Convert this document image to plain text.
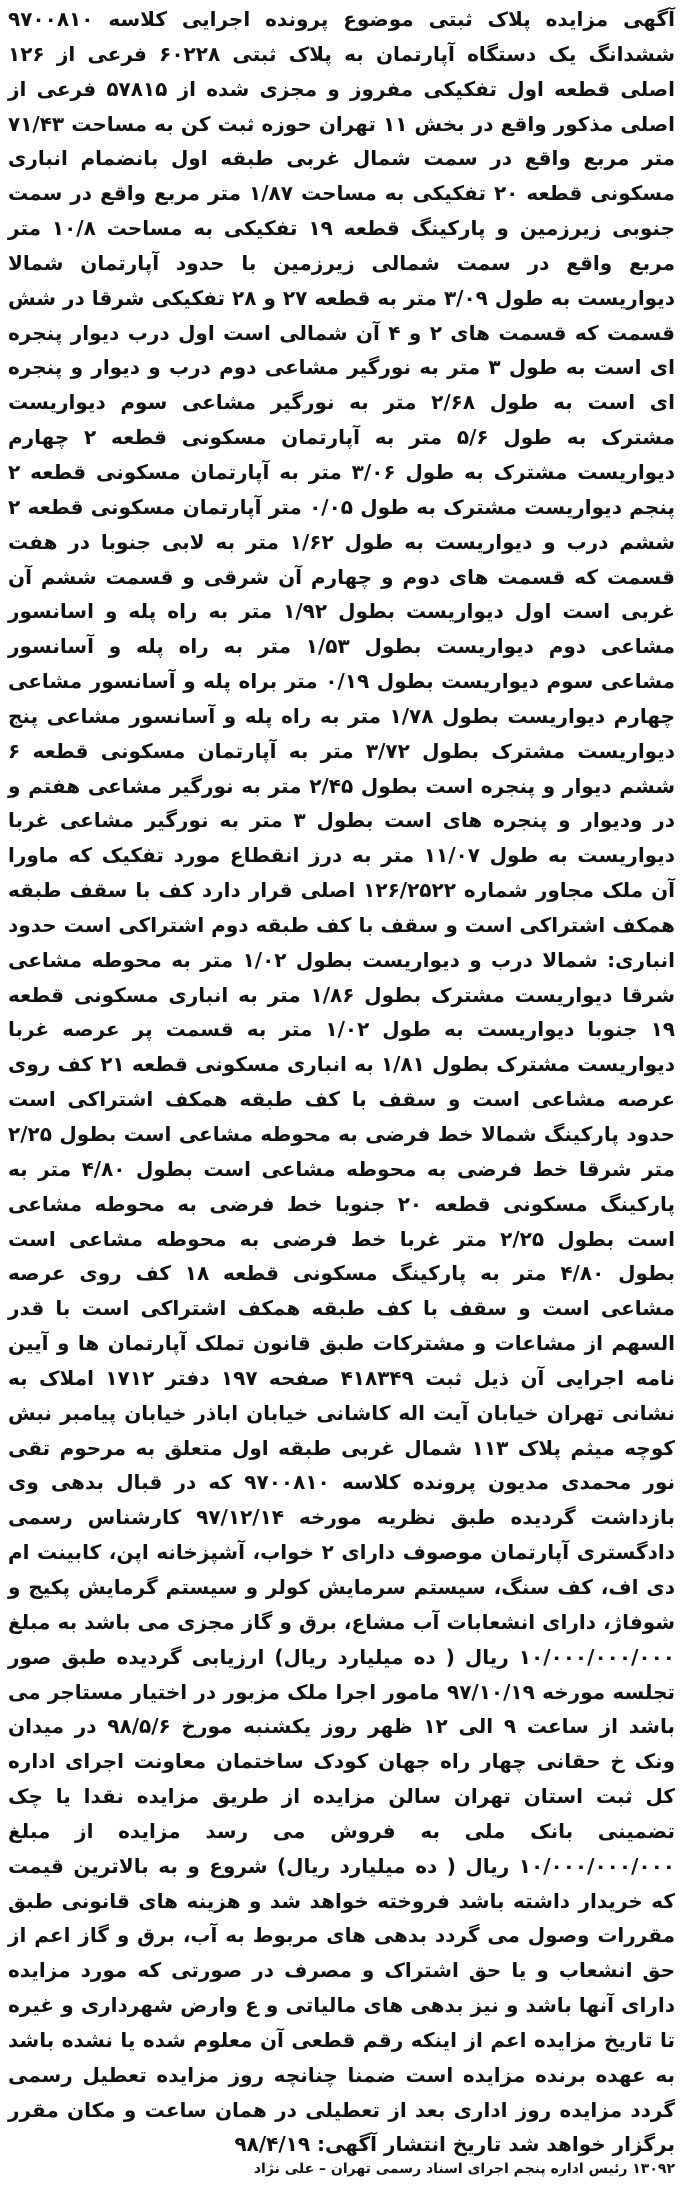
آگهی مزایده پلاک ثبتی موضوع پرونده اجرایی کلاسه ۹۷۰۰۸۱۰ ششدانگ یک دستگاه آپارتمان به پلاک ثبتی ۶۰۲۲۸ فرعی از ۱۲۶ اصلی قطعه اول تفکیکی مفروز و مجزی شده از ۵۷۸۱۵ فرعی از اصلی مذکور واقع در بخش ۱۱ تهران حوزه ثبت کن به مساحت ۷۱/۴۳ متر مربع واقع در سمت شمال غربی طبقه اول بانضمام انباری مسکونی قطعه ۲۰ تفکیکی به مساحت ۱/۸۷ متر مربع واقع در سمت جنوبی زیرزمین و پارکینگ قطعه ۱۹ تفکیکی به مساحت ۱۰/۸ متر مربع واقع در سمت شمالی زیرزمین با حدود آپارتمان شمالا دیواریست به طول ۳/۰۹ متر به قطعه ۲۷ و ۲۸ تفکیکی شرقا در شش قسمت که قسمت های ۲ و ۴ آن شمالی است اول درب دیوار پنجره ای است به طول ۳ متر به نورگیر مشاعی دوم درب و دیوار و پنجره ای است به طول ۲/۶۸ متر به نورگیر مشاعی سوم دیواریست مشترک به طول ۵/۶ متر به آپارتمان مسکونی قطعه ۲ چهارم دیواریست مشترک به طول ۳/۰۶ متر به آپارتمان مسکونی قطعه ۲ پنجم دیواریست مشترک به طول ۰/۰۵ متر آپارتمان مسکونی قطعه ۲ ششم درب و دیواریست به طول ۱/۶۲ متر به لابی جنوبا در هفت قسمت که قسمت های دوم و چهارم آن شرقی و قسمت ششم آن غربی است اول دیواریست بطول ۱/۹۲ متر به راه پله و اسانسور مشاعی دوم دیواریست بطول ۱/۵۳ متر به راه پله و آسانسور مشاعی سوم دیواریست بطول ۰/۱۹ متر براه پله و آسانسور مشاعی چهارم دیواریست بطول ۱/۷۸ متر به راه پله و آسانسور مشاعی پنج دیواریست مشترک بطول ۳/۷۲ متر به آپارتمان مسکونی قطعه ۶ ششم دیوار و پنجره است بطول ۲/۴۵ متر به نورگیر مشاعی هفتم و در ودیوار و پنجره های است بطول ۳ متر به نورگیر مشاعی غربا دیواریست به طول ۱۱/۰۷ متر به درز انقطاع مورد تفکیک که ماورا آن ملک مجاور شماره ۱۲۶/۲۵۲۲ اصلی قرار دارد کف با سقف طبقه همکف اشتراکی است و سقف با کف طبقه دوم اشتراکی است حدود انباری: شمالا درب و دیواریست بطول ۱/۰۲ متر به محوطه مشاعی شرقا دیواریست مشترک بطول ۱/۸۶ متر به انباری مسکونی قطعه ۱۹ جنوبا دیواریست به طول ۱/۰۲ متر به قسمت پر عرصه غربا دیواریست مشترک بطول ۱/۸۱ به انباری مسکونی قطعه ۲۱ کف روی عرصه مشاعی است و سقف با کف طبقه همکف اشتراکی است حدود پارکینگ شمالا خط فرضی به محوطه مشاعی است بطول ۲/۲۵ متر شرقا خط فرضی به محوطه مشاعی است بطول ۴/۸۰ متر به پارکینگ مسکونی قطعه ۲۰ جنوبا خط فرضی به محوطه مشاعی است بطول ۲/۲۵ متر غربا خط فرضی به محوطه مشاعی است بطول ۴/۸۰ متر به پارکینگ مسکونی قطعه ۱۸ کف روی عرصه مشاعی است و سقف با کف طبقه همکف اشتراکی است با قدر السهم از مشاعات و مشترکات طبق قانون تملک آپارتمان ها و آیین نامه اجرایی آن ذیل ثبت ۴۱۸۳۴۹ صفحه ۱۹۷ دفتر ۱۷۱۲ املاک به نشانی تهران خیابان آیت اله کاشانی خیابان اباذر خیابان پیامبر نبش کوچه میثم پلاک ۱۱۳ شمال غربی طبقه اول متعلق به مرحوم تقی نور محمدی مدیون پرونده کلاسه ۹۷۰۰۸۱۰ که در قبال بدهی وی بازداشت گردیده طبق نظریه مورخه ۹۷/۱۲/۱۴ کارشناس رسمی دادگستری آپارتمان موصوف دارای ۲ خواب، آشپزخانه اپن، کابینت ام دی اف، کف سنگ، سیستم سرمایش کولر و سیستم گرمایش پکیج و شوفاژ، دارای انشعابات آب مشاع، برق و گاز مجزی می باشد به مبلغ ۱۰/۰۰۰/۰۰۰/۰۰۰ ریال ( ده میلیارد ریال) ارزیابی گردیده طبق صور تجلسه مورخه ۹۷/۱۰/۱۹ مامور اجرا ملک مزبور در اختیار مستاجر می باشد از ساعت ۹ الی ۱۲ ظهر روز یکشنبه مورخ ۹۸/۵/۶ در میدان ونک خ حقانی چهار راه جهان کودک ساختمان معاونت اجرای اداره کل ثبت استان تهران سالن مزایده از طریق مزایده نقدا یا چک تضمینی بانک ملی به فروش می رسد مزایده از مبلغ ۱۰/۰۰۰/۰۰۰/۰۰۰ ریال ( ده میلیارد ریال) شروع و به بالاترین قیمت که خریدار داشته باشد فروخته خواهد شد و هزینه های قانونی طبق مقررات وصول می گردد بدهی های مربوط به آب، برق و گاز اعم از حق انشعاب و یا حق اشتراک و مصرف در صورتی که مورد مزایده دارای آنها باشد و نیز بدهی های مالیاتی و ع وارض شهرداری و غیره تا تاریخ مزایده اعم از اینکه رقم قطعی آن معلوم شده یا نشده باشد به عهده برنده مزایده است ضمنا چنانچه روز مزایده تعطیل رسمی گردد مزایده روز اداری بعد از تعطیلی در همان ساعت و مکان مقرر برگزار خواهد شد تاریخ انتشار آگهی: ۹۸/۴/۱۹

۱۳۰۹۲ رئیس اداره پنجم اجرای اسناد رسمی تهران – علی نژاد
